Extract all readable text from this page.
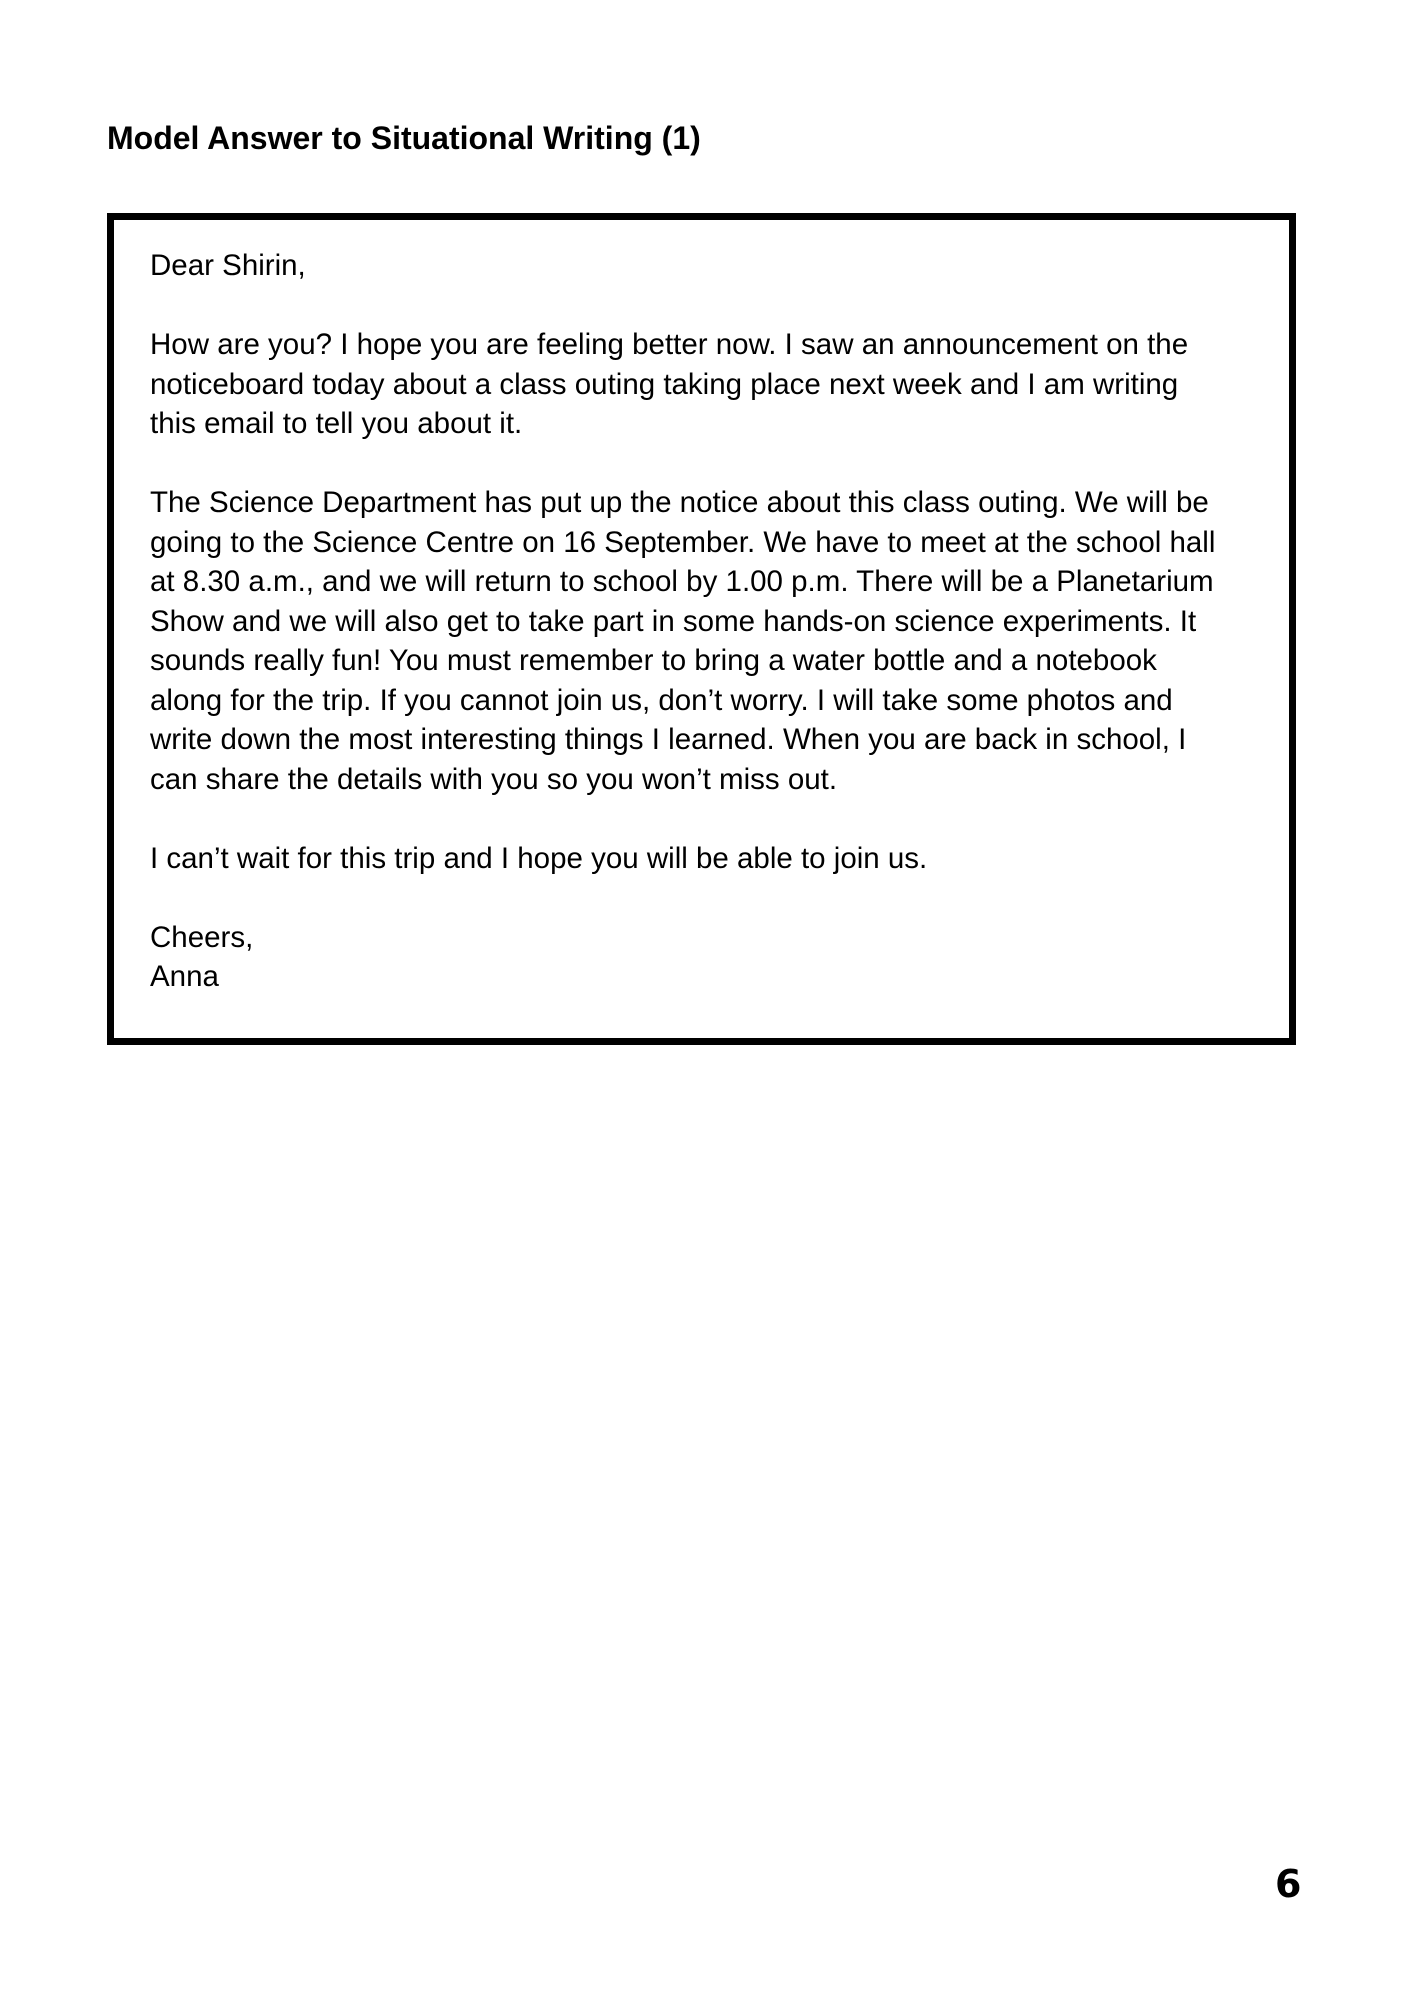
Model Answer to Situational Writing (1)

Dear Shirin,

How are you? I hope you are feeling better now. I saw an announcement on the
noticeboard today about a class outing taking place next week and I am writing
this email to tell you about it.

The Science Department has put up the notice about this class outing. We will be
going to the Science Centre on 16 September. We have to meet at the school hall
at 8.30 a.m., and we will return to school by 1.00 p.m. There will be a Planetarium
Show and we will also get to take part in some hands-on science experiments. It
sounds really fun! You must remember to bring a water bottle and a notebook
along for the trip. If you cannot join us, don’t worry. I will take some photos and
write down the most interesting things I learned. When you are back in school, I
can share the details with you so you won’t miss out.

I can’t wait for this trip and I hope you will be able to join us.

Cheers,

Anna

6
